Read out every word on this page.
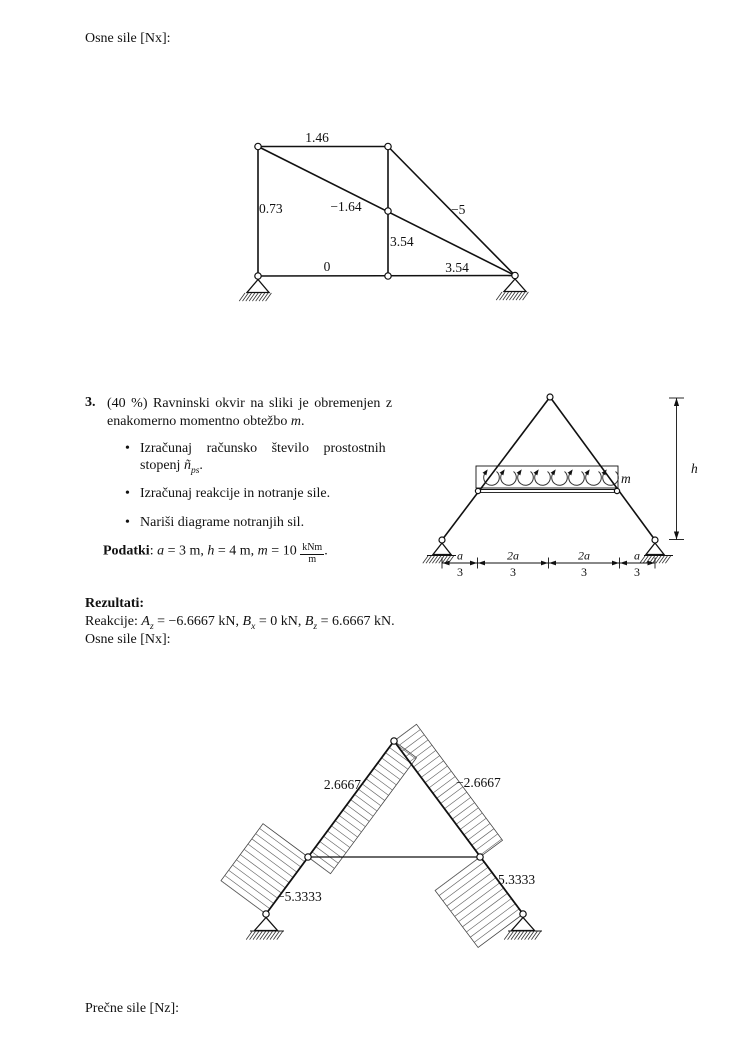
Osne sile [Nx]:
1.46
0.73	−1.64	−5
3.54
0	3.54
3. (40 %) Ravninski okvir na sliki je obremenjen z
enakomerno momentno obtežbo m.
• Izračunaj računsko število prostostnih
stopenj $ñ_{ps}$.
• Izračunaj reakcije in notranje sile.
• Nariši diagrame notranjih sil.
Podatki: a = 3 m, h = 4 m, $m = 10 \frac{\text{kNm}}{m}$ .
m
h
a
3
2a
3
2a
3
a
3
Rezultati:
Reakcije: $A_z = -6.6667$ kN, $B_x = 0$ kN, $B_z = 6.6667$ kN.
Osne sile [Nx]:
2.6667	−2.6667
−5.3333
5.3333
Prečne sile [Nz]:
